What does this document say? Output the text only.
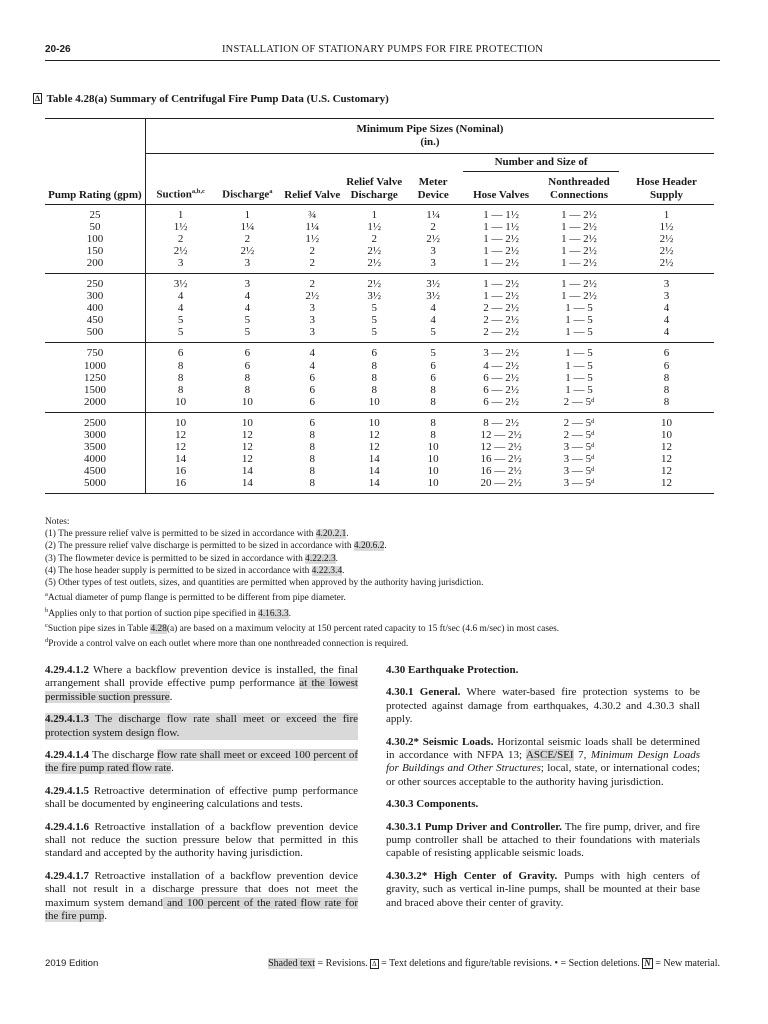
20-26	INSTALLATION OF STATIONARY PUMPS FOR FIRE PROTECTION
Δ Table 4.28(a) Summary of Centrifugal Fire Pump Data (U.S. Customary)

	Minimum Pipe Sizes (Nominal)
(in.)							

						Number and Size of		
Pump Rating (gpm)	Suction$^{a,b,c}$	Discharge$^a$	Relief Valve	Relief Valve Discharge	Meter Device	Hose Valves	Nonthreaded Connections	Hose Header Supply
25	1	1	¾	1	1¼	1 — 1½	1 — 2½	1
50	1½	1¼	1¼	1½	2	1 — 1½	1 — 2½	1½
100	2	2	1½	2	2½	1 — 2½	1 — 2½	2½
150	2½	2½	2	2½	3	1 — 2½	1 — 2½	2½
200	3	3	2	2½	3	1 — 2½	1 — 2½	2½
250	3½	3	2	2½	3½	1 — 2½	1 — 2½	3
300	4	4	2½	3½	3½	1 — 2½	1 — 2½	3
400	4	4	3	5	4	2 — 2½	1 — 5	4
450	5	5	3	5	4	2 — 2½	1 — 5	4
500	5	5	3	5	5	2 — 2½	1 — 5	4
750	6	6	4	6	5	3 — 2½	1 — 5	6
1000	8	6	4	8	6	4 — 2½	1 — 5	6
1250	8	8	6	8	6	6 — 2½	1 — 5	8
1500	8	8	6	8	8	6 — 2½	1 — 5	8
2000	10	10	6	10	8	6 — 2½	2 — 5ᵈ	8
2500	10	10	6	10	8	8 — 2½	2 — 5ᵈ	10
3000	12	12	8	12	8	12 — 2½	2 — 5ᵈ	10
3500	12	12	8	12	10	12 — 2½	3 — 5ᵈ	12
4000	14	12	8	14	10	16 — 2½	3 — 5ᵈ	12
4500	16	14	8	14	10	16 — 2½	3 — 5ᵈ	12
5000	16	14	8	14	10	20 — 2½	3 — 5ᵈ	12
Notes:
(1) The pressure relief valve is permitted to be sized in accordance with 4.20.2.1.
(2) The pressure relief valve discharge is permitted to be sized in accordance with 4.20.6.2.
(3) The flowmeter device is permitted to be sized in accordance with 4.22.2.3.
(4) The hose header supply is permitted to be sized in accordance with 4.22.3.4.
(5) Other types of test outlets, sizes, and quantities are permitted when approved by the authority having jurisdiction.
$^a$Actual diameter of pump flange is permitted to be different from pipe diameter.
$^b$Applies only to that portion of suction pipe specified in 4.16.3.3.
$^c$Suction pipe sizes in Table 4.28(a) are based on a maximum velocity at 150 percent rated capacity to 15 ft/sec (4.6 m/sec) in most cases.
$^d$Provide a control valve on each outlet where more than one nonthreaded connection is required.

4.29.4.1.2 Where a backflow prevention device is installed, the final arrangement shall provide effective pump performance at the lowest permissible suction pressure.

4.29.4.1.3 The discharge flow rate shall meet or exceed the fire protection system design flow.

4.29.4.1.4 The discharge flow rate shall meet or exceed 100 percent of the fire pump rated flow rate.

4.29.4.1.5 Retroactive determination of effective pump performance shall be documented by engineering calculations and tests.

4.29.4.1.6 Retroactive installation of a backflow prevention device shall not reduce the suction pressure below that permitted in this standard and accepted by the authority having jurisdiction.

4.29.4.1.7 Retroactive installation of a backflow prevention device shall not result in a discharge pressure that does not meet the maximum system demand and 100 percent of the rated flow rate for the fire pump.

4.30 Earthquake Protection.

4.30.1 General. Where water-based fire protection systems to be protected against damage from earthquakes, 4.30.2 and 4.30.3 shall apply.

4.30.2* Seismic Loads. Horizontal seismic loads shall be determined in accordance with NFPA 13; ASCE/SEI 7, Minimum Design Loads for Buildings and Other Structures; local, state, or international codes; or other sources acceptable to the authority having jurisdiction.

4.30.3 Components.

4.30.3.1 Pump Driver and Controller. The fire pump, driver, and fire pump controller shall be attached to their foundations with materials capable of resisting applicable seismic loads.

4.30.3.2* High Center of Gravity. Pumps with high centers of gravity, such as vertical in-line pumps, shall be mounted at their base and braced above their center of gravity.

2019 Edition	Shaded text = Revisions. Δ = Text deletions and figure/table revisions. • = Section deletions. N = New material.
